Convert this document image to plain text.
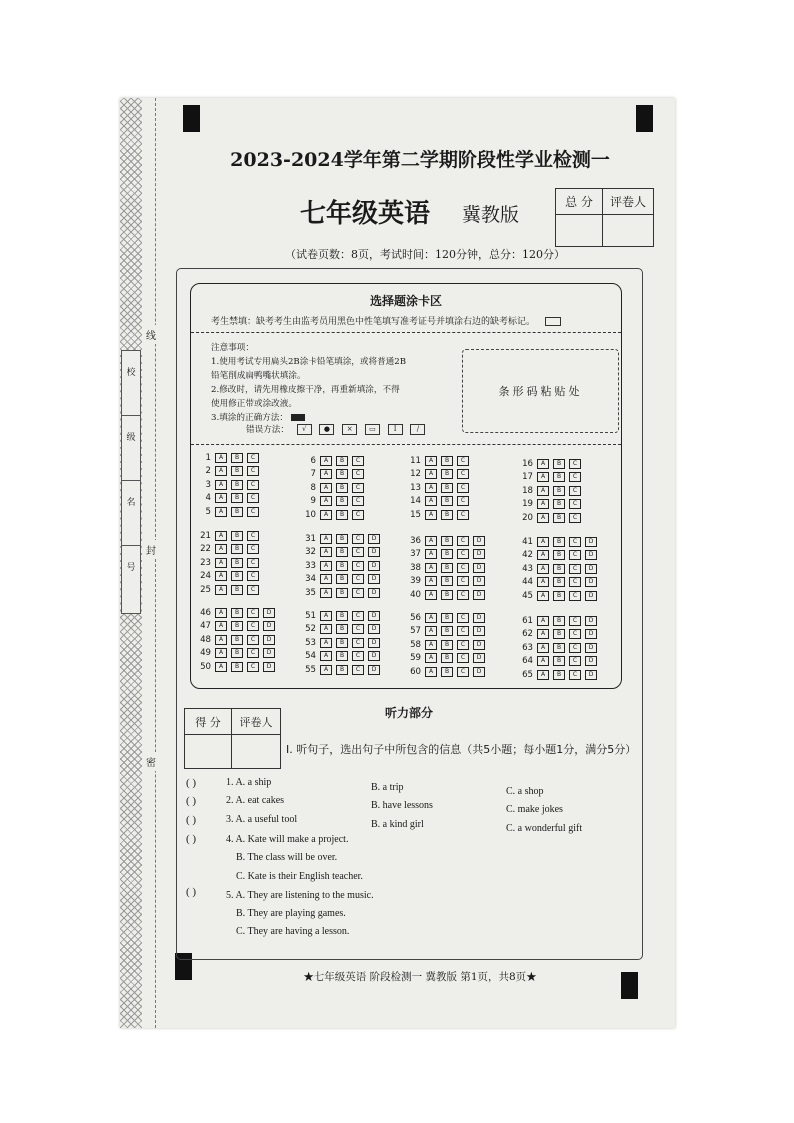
线
封
密
校
级
名
号
2023-2024学年第二学期阶段性学业检测一
七年级英语 冀教版
（试卷页数：8页，考试时间：120分钟，总分：120分）
总 分	评卷人

选择题涂卡区
考生禁填：缺考考生由监考员用黑色中性笔填写准考证号并填涂右边的缺考标记。

注意事项：

1.使用考试专用扁头2B涂卡铅笔填涂，或将普通2B

铅笔削成扁鸭嘴状填涂。

2.修改时，请先用橡皮擦干净，再重新填涂，不得

使用修正带或涂改液。

3.填涂的正确方法：

错误方法： √ ● × ▭	I	/
条形码粘贴处
1	A	B	C
2	A	B	C
3	A	B	C
4	A	B	C
5	A	B	C
6	A	B	C
7	A	B	C
8	A	B	C
9	A	B	C
10	A	B	C
11	A	B	C
12	A	B	C
13	A	B	C
14	A	B	C
15	A	B	C
16	A	B	C
17	A	B	C
18	A	B	C
19	A	B	C
20	A	B	C
21	A	B	C
22	A	B	C
23	A	B	C
24	A	B	C
25	A	B	C
31	A	B	C	D
32	A	B	C	D
33	A	B	C	D
34	A	B	C	D
35	A	B	C	D
36	A	B	C	D
37	A	B	C	D
38	A	B	C	D
39	A	B	C	D
40	A	B	C	D
41	A	B	C	D
42	A	B	C	D
43	A	B	C	D
44	A	B	C	D
45	A	B	C	D
46	A	B	C	D
47	A	B	C	D
48	A	B	C	D
49	A	B	C	D
50	A	B	C	D
51	A	B	C	D
52	A	B	C	D
53	A	B	C	D
54	A	B	C	D
55	A	B	C	D
56	A	B	C	D
57	A	B	C	D
58	A	B	C	D
59	A	B	C	D
60	A	B	C	D
61	A	B	C	D
62	A	B	C	D
63	A	B	C	D
64	A	B	C	D
65	A	B	C	D
听力部分
得 分	评卷人

Ⅰ. 听句子，选出句子中所包含的信息（共5小题；每小题1分，满分5分）
( )	1. A. a ship	B. a trip	C. a shop
( )	2. A. eat cakes	B. have lessons	C. make jokes
( )	3. A. a useful tool	B. a kind girl	C. a wonderful gift
( )	4. A. Kate will make a project.
B. The class will be over.
C. Kate is their English teacher.
( )	5. A. They are listening to the music.
B. They are playing games.
C. They are having a lesson.
★七年级英语 阶段检测一 冀教版 第1页，共8页★
